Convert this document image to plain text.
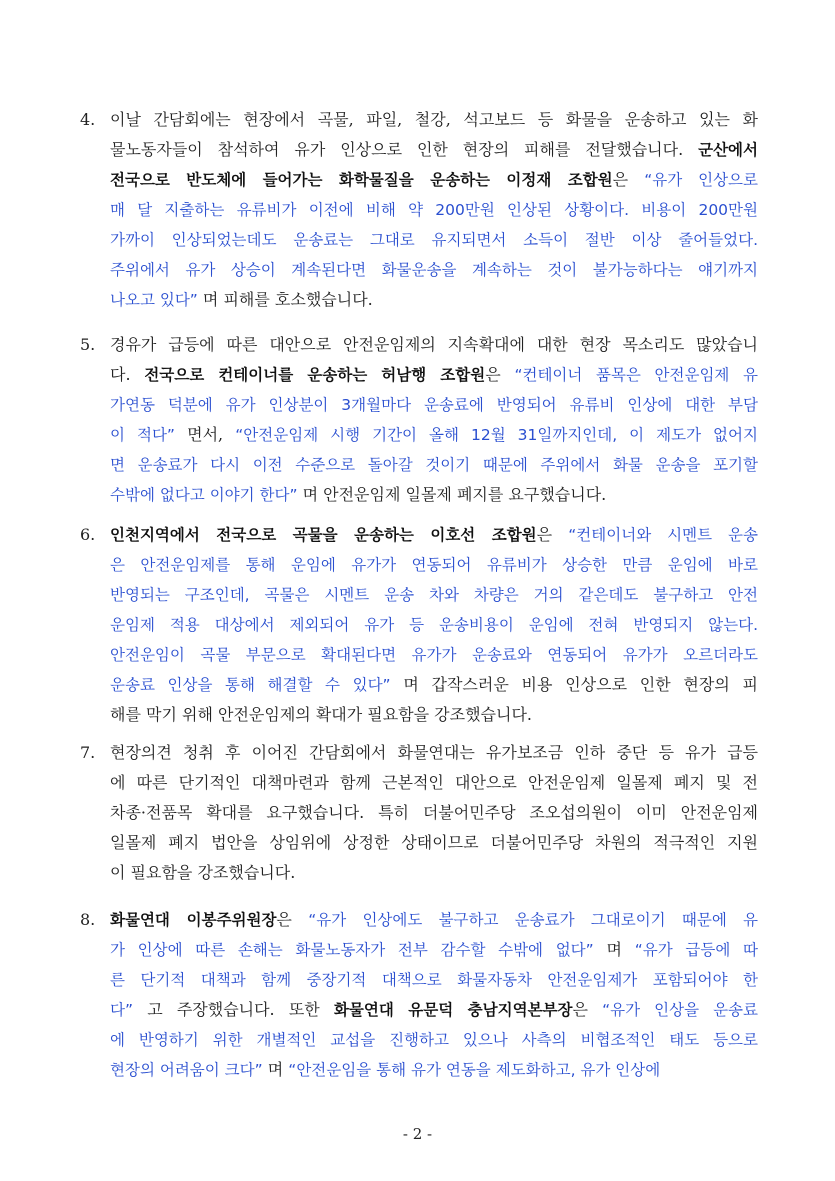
4. 이날 간담회에는 현장에서 곡물, 파일, 철강, 석고보드 등 화물을 운송하고 있는 화
물노동자들이 참석하여 유가 인상으로 인한 현장의 피해를 전달했습니다. 군산에서
전국으로 반도체에 들어가는 화학물질을 운송하는 이정재 조합원은 “유가 인상으로
매 달 지출하는 유류비가 이전에 비해 약 200만원 인상된 상황이다. 비용이 200만원
가까이 인상되었는데도 운송료는 그대로 유지되면서 소득이 절반 이상 줄어들었다.
주위에서 유가 상승이 계속된다면 화물운송을 계속하는 것이 불가능하다는 얘기까지
나오고 있다” 며 피해를 호소했습니다.
5. 경유가 급등에 따른 대안으로 안전운임제의 지속확대에 대한 현장 목소리도 많았습니
다. 전국으로 컨테이너를 운송하는 허남행 조합원은 “컨테이너 품목은 안전운임제 유
가연동 덕분에 유가 인상분이 3개월마다 운송료에 반영되어 유류비 인상에 대한 부담
이 적다” 면서, “안전운임제 시행 기간이 올해 12월 31일까지인데, 이 제도가 없어지
면 운송료가 다시 이전 수준으로 돌아갈 것이기 때문에 주위에서 화물 운송을 포기할
수밖에 없다고 이야기 한다” 며 안전운임제 일몰제 폐지를 요구했습니다.
6. 인천지역에서 전국으로 곡물을 운송하는 이호선 조합원은 “컨테이너와 시멘트 운송
은 안전운임제를 통해 운임에 유가가 연동되어 유류비가 상승한 만큼 운임에 바로
반영되는 구조인데, 곡물은 시멘트 운송 차와 차량은 거의 같은데도 불구하고 안전
운임제 적용 대상에서 제외되어 유가 등 운송비용이 운임에 전혀 반영되지 않는다.
안전운임이 곡물 부문으로 확대된다면 유가가 운송료와 연동되어 유가가 오르더라도
운송료 인상을 통해 해결할 수 있다” 며 갑작스러운 비용 인상으로 인한 현장의 피
해를 막기 위해 안전운임제의 확대가 필요함을 강조했습니다.
7. 현장의견 청취 후 이어진 간담회에서 화물연대는 유가보조금 인하 중단 등 유가 급등
에 따른 단기적인 대책마련과 함께 근본적인 대안으로 안전운임제 일몰제 폐지 및 전
차종·전품목 확대를 요구했습니다. 특히 더불어민주당 조오섭의원이 이미 안전운임제
일몰제 폐지 법안을 상임위에 상정한 상태이므로 더불어민주당 차원의 적극적인 지원
이 필요함을 강조했습니다.
8. 화물연대 이봉주위원장은 “유가 인상에도 불구하고 운송료가 그대로이기 때문에 유
가 인상에 따른 손해는 화물노동자가 전부 감수할 수밖에 없다” 며 “유가 급등에 따
른 단기적 대책과 함께 중장기적 대책으로 화물자동차 안전운임제가 포함되어야 한
다” 고 주장했습니다. 또한 화물연대 유문덕 충남지역본부장은 “유가 인상을 운송료
에 반영하기 위한 개별적인 교섭을 진행하고 있으나 사측의 비협조적인 태도 등으로
현장의 어려움이 크다” 며 “안전운임을 통해 유가 연동을 제도화하고, 유가 인상에
- 2 -
